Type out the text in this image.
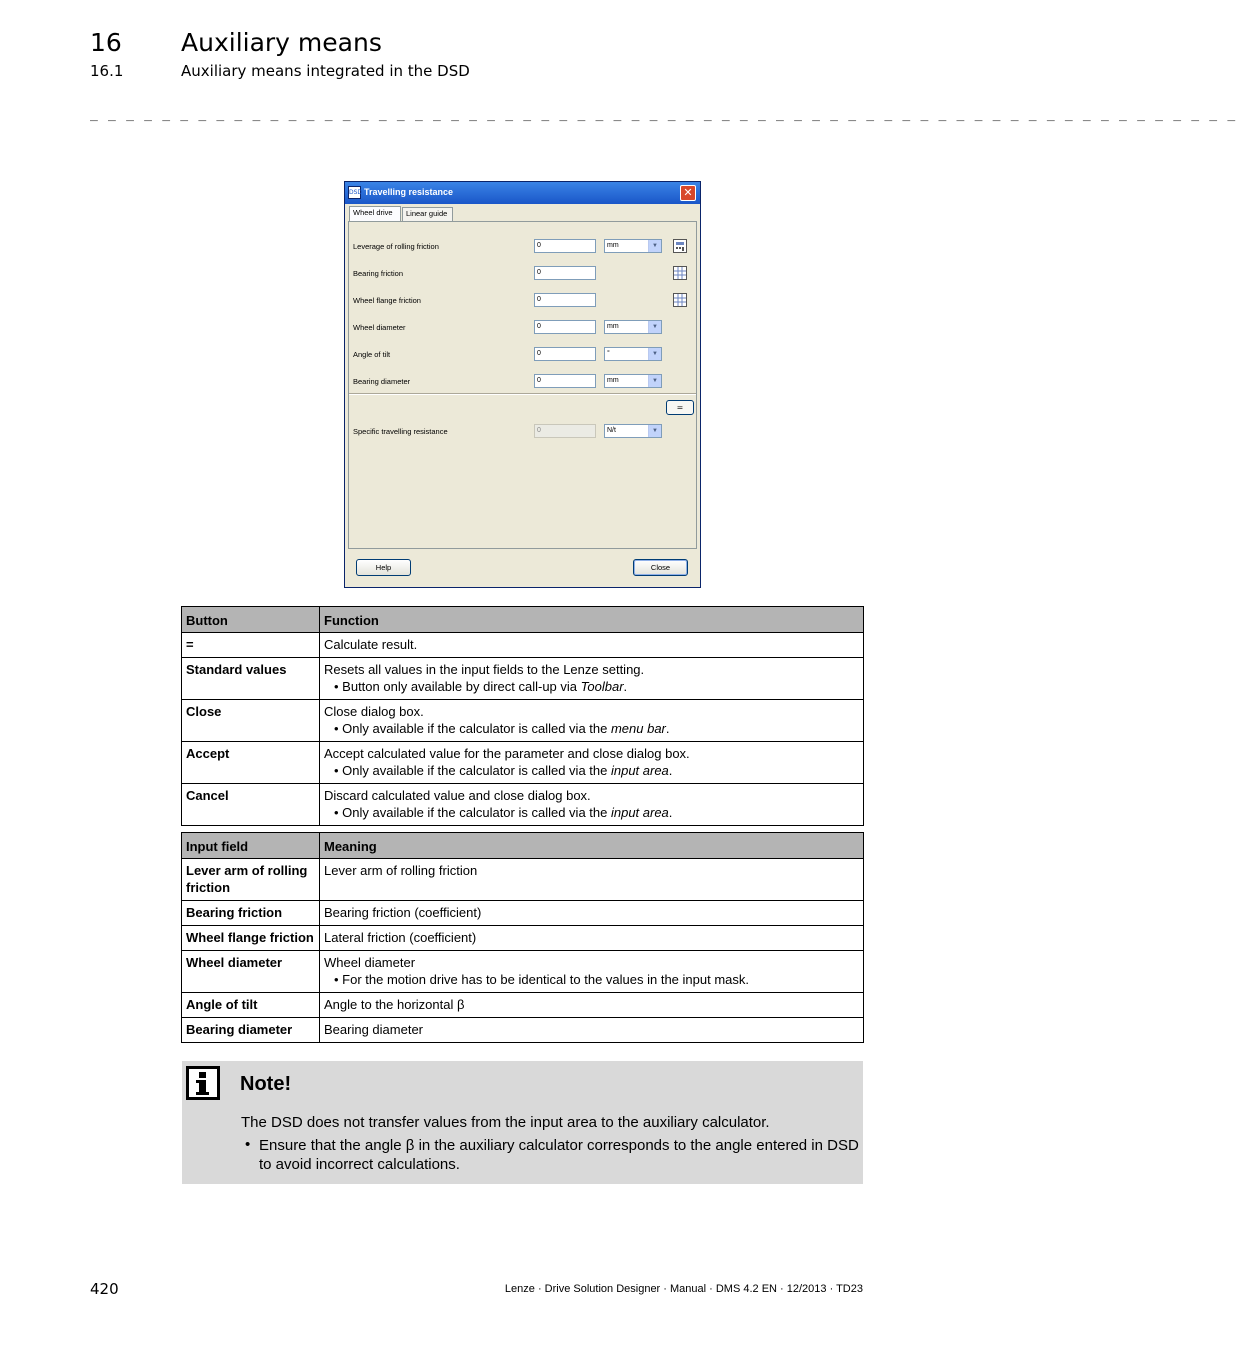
16 Auxiliary means
16.1	Auxiliary means integrated in the DSD
_ _ _ _ _ _ _ _ _ _ _ _ _ _ _ _ _ _ _ _ _ _ _ _ _ _ _ _ _ _ _ _ _ _ _ _ _ _ _ _ _ _ _ _ _ _ _ _ _ _ _ _ _ _ _ _ _ _ _ _ _ _ _ _
DSD Travelling resistance	✕
Wheel drive	Linear guide
Leverage of rolling friction	0	mm	▼
Bearing friction	0
Wheel flange friction	0
Wheel diameter	0	mm	▼
Angle of tilt	0	°	▼
Bearing diameter	0	mm	▼
=
Specific travelling resistance	0	N/t	▼
Help	Close
Button	Function
=	Calculate result.
Standard values	Resets all values in the input fields to the Lenze setting.
• Button only available by direct call-up via Toolbar.

Close	Close dialog box.
• Only available if the calculator is called via the menu bar.

Accept	Accept calculated value for the parameter and close dialog box.
• Only available if the calculator is called via the input area.

Cancel	Discard calculated value and close dialog box.
• Only available if the calculator is called via the input area.
Input field	Meaning
Lever arm of rolling friction	Lever arm of rolling friction
Bearing friction	Bearing friction (coefficient)
Wheel flange friction	Lateral friction (coefficient)
Wheel diameter	Wheel diameter
• For the motion drive has to be identical to the values in the input mask.

Angle of tilt	Angle to the horizontal β
Bearing diameter	Bearing diameter
Note!
The DSD does not transfer values from the input area to the auxiliary calculator.
• Ensure that the angle β in the auxiliary calculator corresponds to the angle entered in DSD to avoid incorrect calculations.
420	Lenze · Drive Solution Designer · Manual · DMS 4.2 EN · 12/2013 · TD23
